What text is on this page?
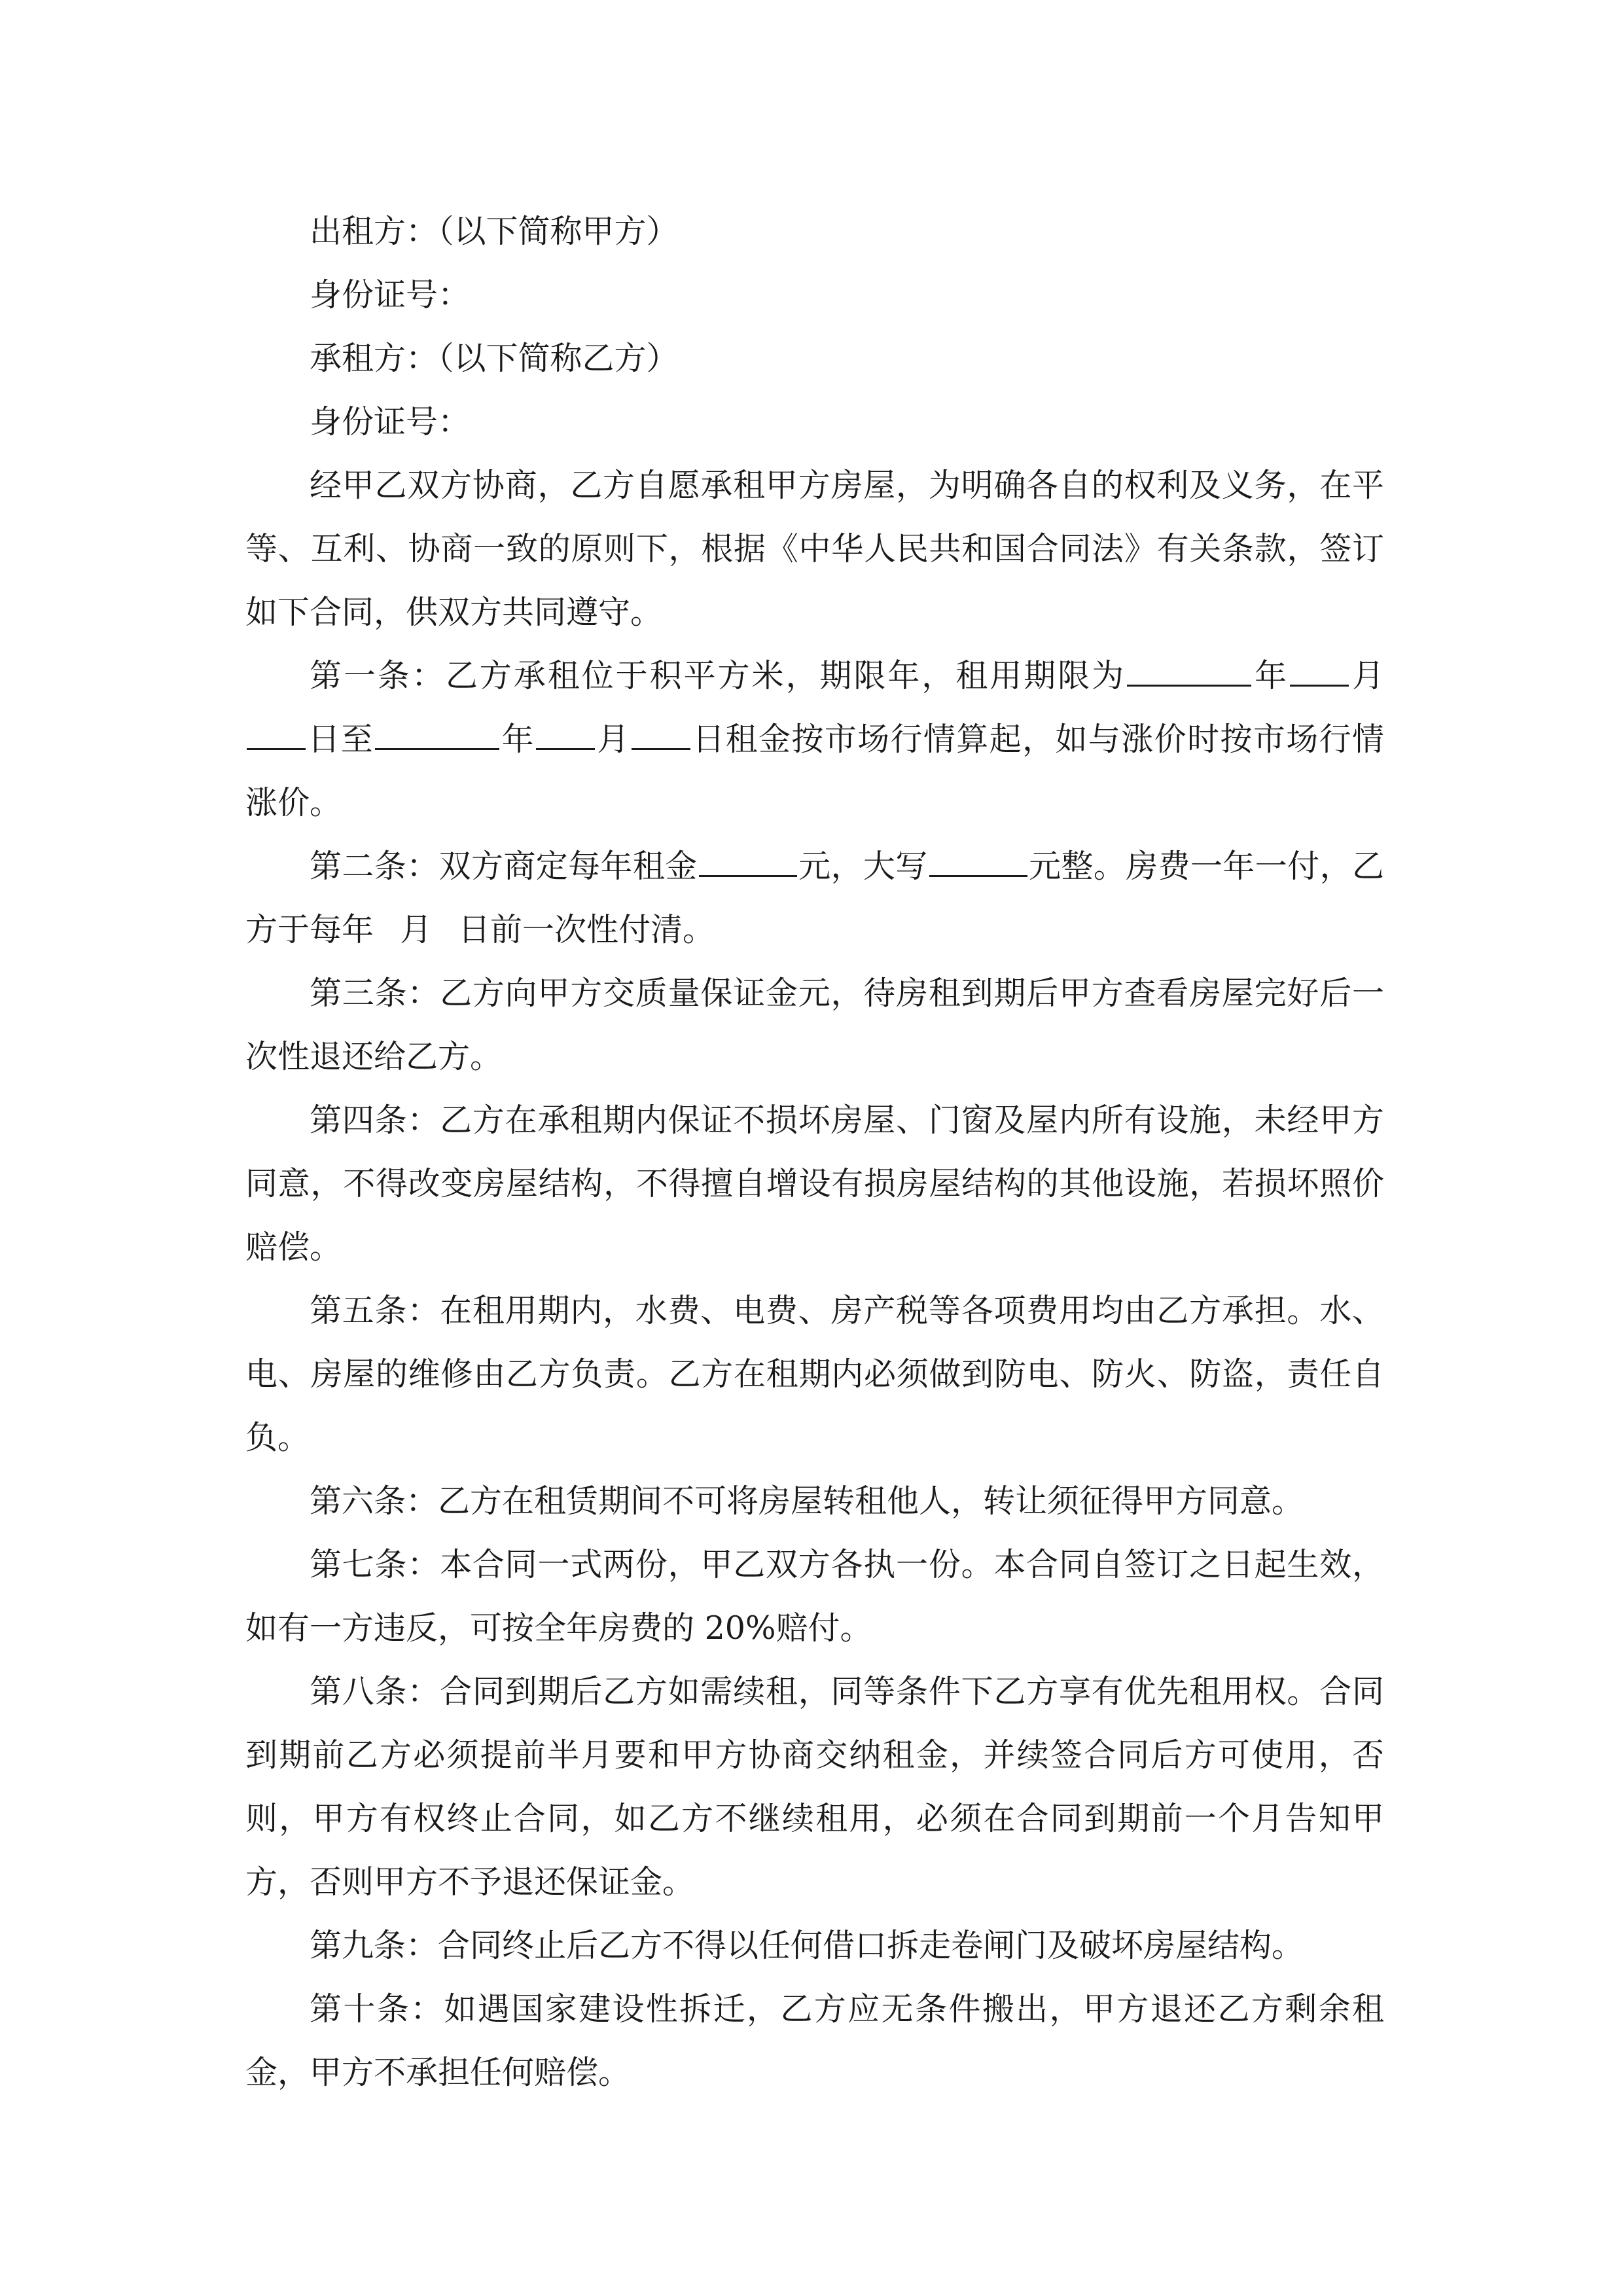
出租方：（以下简称甲方）

身份证号：

承租方：（以下简称乙方）

身份证号：

经甲乙双方协商，乙方自愿承租甲方房屋，为明确各自的权利及义务，在平等、互利、协商一致的原则下，根据《中华人民共和国合同法》有关条款，签订如下合同，供双方共同遵守。

第一条：乙方承租位于积平方米，期限年，租用期限为	年 月日至	年 月 日租金按市场行情算起，如与涨价时按市场行情涨价。

第二条：双方商定每年租金	元，大写	元整。房费一年一付，乙方于每年 月 日前一次性付清。

第三条：乙方向甲方交质量保证金元，待房租到期后甲方查看房屋完好后一次性退还给乙方。

第四条：乙方在承租期内保证不损坏房屋、门窗及屋内所有设施，未经甲方同意，不得改变房屋结构，不得擅自增设有损房屋结构的其他设施，若损坏照价赔偿。

第五条：在租用期内，水费、电费、房产税等各项费用均由乙方承担。水、电、房屋的维修由乙方负责。乙方在租期内必须做到防电、防火、防盗，责任自负。

第六条：乙方在租赁期间不可将房屋转租他人，转让须征得甲方同意。

第七条：本合同一式两份，甲乙双方各执一份。本合同自签订之日起生效，如有一方违反，可按全年房费的 20%赔付。

第八条：合同到期后乙方如需续租，同等条件下乙方享有优先租用权。合同到期前乙方必须提前半月要和甲方协商交纳租金，并续签合同后方可使用，否则，甲方有权终止合同，如乙方不继续租用，必须在合同到期前一个月告知甲方，否则甲方不予退还保证金。

第九条：合同终止后乙方不得以任何借口拆走卷闸门及破坏房屋结构。

第十条：如遇国家建设性拆迁，乙方应无条件搬出，甲方退还乙方剩余租金，甲方不承担任何赔偿。
